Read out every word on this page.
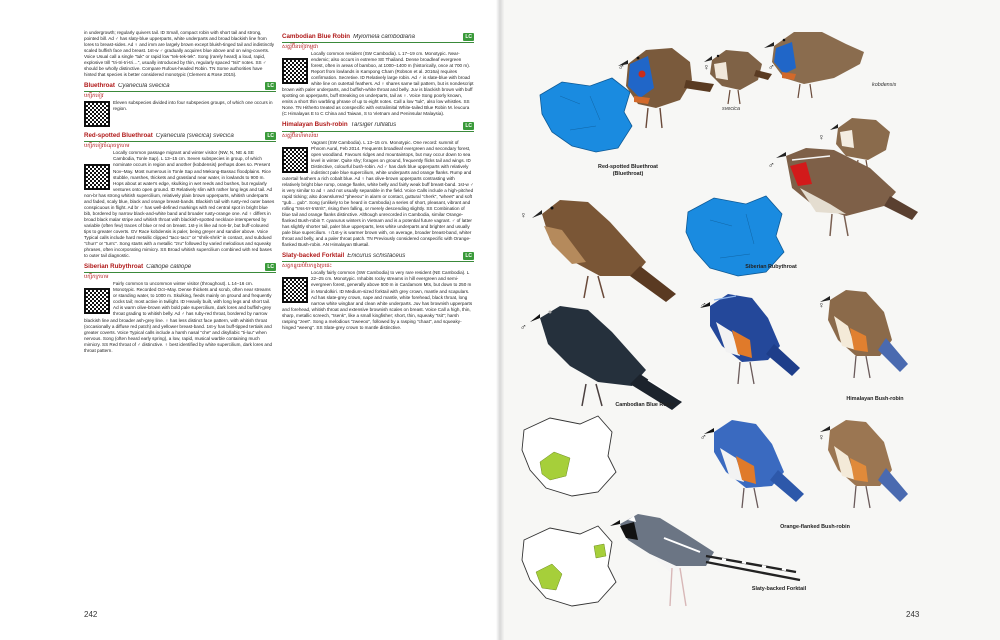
in undergrowth; regularly quivers tail. ID Small, compact robin with short tail and strong, pointed bill. Ad ♂ has slaty-blue upperparts, white underparts and broad blackish line from lores to breast-sides. Ad ♀ and imm are largely brown except bluish-tinged tail and indistinctly scaled buffish face and breast. 1st-w ♂ gradually acquires blue above and on wing-coverts. Voice Usual call a single "tuk" or rapid low "tek-tek-tek". Song (rarely heard) a loud, rapid, explosive trill "tri-tri-tri-tri…", usually introduced by thin, regularly spaced "tsit" notes. SS ♂ should be wholly distinctive. Compare Rufous-headed Robin. TN Some authorities have hinted that species is better considered monotypic (Clement & Rose 2015).

Bluethroat Cyanecula svecica	LC
បក្សីកខៀវ

Eleven subspecies divided into four subspecies groups, of which one occurs in region.

Red-spotted Bluethroat Cyanecula (svecica) svecica	LC
បក្សីកខៀវចំណុចក្រហម

Locally common passage migrant and winter visitor (NW, N, NE & SE Cambodia, Tonle Sap). L 13–15 cm. Seven subspecies in group, of which nominate occurs in region and another (kobdensis) perhaps does so. Present Nov–May. Most numerous in Tonle Sap and Mekong-Bassac floodplains. Rice stubble, marshes, thickets and grassland near water, in lowlands to 900 m. Hops about at water's edge, skulking in wet reeds and bushes, but regularly ventures onto open ground. ID Relatively slim with rather long legs and tail. Ad non-br has strong whitish supercilium, relatively plain brown upperparts, whitish underparts and faded, scaly blue, black and orange breast-bands. Blackish tail with rusty-red outer bases conspicuous in flight. Ad br ♂ has well-defined markings with red central spot in bright blue bib, bordered by narrow black-and-white band and broader rusty-orange one. Ad ♀ differs in broad black malar stripe and whitish throat with blackish-spotted necklace interspersed by variable (often few) traces of blue or red on breast. 1st-y is like ad non-br, but buff-coloured tips to greater coverts. GV Race kobdensis is paler, being greyer and sandier above. Voice Typical calls include hard metallic clipped "tacc-tacc" or "shrik-shrik" in contact, and subdued "churr" or "turrc". Song starts with a metallic "zru" followed by varied melodious and squeaky phrases, often incorporating mimicry. SS Broad whitish supercilium combined with red bases to outer tail diagnostic.

Siberian Rubythroat Calliope calliope	LC
បក្សីកក្រហម

Fairly common to uncommon winter visitor (throughout). L 14–16 cm. Monotypic. Recorded Oct–May. Dense thickets and scrub, often near streams or standing water, to 1000 m. Skulking, feeds mainly on ground and frequently cocks tail; most active in twilight. ID Heavily built, with long legs and short tail. Ad is warm olive-brown with bold pale supercilium, dark lores and buffish-grey throat grading to whitish belly. Ad ♂ has ruby-red throat, bordered by narrow blackish line and broader ash-grey line. ♀ has less distinct face pattern, with whitish throat (occasionally a diffuse red patch) and yellower breast-band. 1st-y has buff-tipped tertials and greater coverts. Voice Typical calls include a harsh nasal "che" and disyllabic "ti-luu" when nervous. Song (often heard early spring), a low, rapid, musical warble containing much mimicry. SS Red throat of ♂ distinctive. ♀ best identified by white supercilium, dark lores and throat pattern.

Cambodian Blue Robin Myiomela cambodiana	LC
សត្វរ៉ូប៊ីនខៀវកម្ពុជា

Locally common resident (SW Cambodia). L 17–19 cm. Monotypic. Near-endemic; also occurs in extreme SE Thailand. Dense broadleaf evergreen forest, often in areas of bamboo, at 1000–1400 m (historically, once at 700 m). Report from lowlands in Kampong Cham (Robson et al. 2016a) requires confirmation. Secretive. ID Relatively large robin. Ad ♂ is slate-blue with broad white line on outertail feathers. Ad ♀ shares same tail pattern, but is nondescript brown with paler underparts, and buffish-white throat and belly. Juv is blackish brown with buff spotting on upperparts, buff streaking on underparts, tail as ♀. Voice Song poorly known, emits a short thin warbling phrase of up to eight notes. Call a low "tuk", also low whistles. SS None. TN Hitherto treated as conspecific with extralimital White-tailed Blue Robin M. leucura (C Himalayas E to C China and Taiwan, S to Vietnam and Peninsular Malaysia).

Himalayan Bush-robin Tarsiger rufilatus	LC
សត្វរ៉ូប៊ីនហិមាល័យ

Vagrant (SW Cambodia). L 13–15 cm. Monotypic. One record: summit of Phnom Aural, Feb 2014. Frequents broadleaf evergreen and secondary forest, open woodland. Favours ridges and mountaintops, but may occur down to sea level in winter. Quite shy; forages on ground, frequently flicks tail and wings. ID Distinctive, colourful bush-robin. Ad ♂ has dark blue upperparts with relatively indistinct pale blue supercilium, white underparts and orange flanks. Rump and outertail feathers a rich cobalt blue. Ad ♀ has olive-brown upperparts contrasting with relatively bright blue rump, orange flanks, white belly and fairly weak buff breast-band. 1st-w ♂ is very similar to ad ♀ and not usually separable in the field. Voice Calls include a high-pitched rapid ticking; also downslurred "pheeou" in alarm or contact, guttural "cherk", "wheet" and soft "gub… gub". Song (unlikely to be heard in Cambodia) a series of short, pleasant, vibrant and rolling "trss-trr-trstrrit", rising then falling, or merely descending slightly. SS Combination of blue tail and orange flanks distinctive. Although unrecorded in Cambodia, similar Orange-flanked Bush-robin T. cyanurus winters in Vietnam and is a potential future vagrant. ♂ of latter has slightly shorter tail, paler blue upperparts, less white underparts and brighter and usually pale blue supercilium. ♀/1st-y is warmer brown with, on average, broader breast-band, whiter throat and belly, and a paler throat patch. TN Previously considered conspecific with Orange-flanked Bush-robin. AN Himalayan Bluetail.

Slaty-backed Forktail Enicurus schistaceus	LC
សត្វកន្ទុយបំបែកខ្នងប្រផេះ

Locally fairly common (SW Cambodia) to very rare resident (NE Cambodia). L 22–25 cm. Monotypic. Inhabits rocky streams in hill evergreen and semi-evergreen forest, generally above 500 m in Cardamom Mts, but down to 250 m in Mondolkiri. ID Medium-sized forktail with grey crown, mantle and scapulars. Ad has slate-grey crown, nape and mantle, white forehead, black throat, long narrow white wingbar and clean white underparts. Juv has brownish upperparts and forehead, whitish throat and extensive brownish scales on breast. Voice Call a high, thin, sharp, metallic screech, "tsenk", like a small kingfisher; short, thin, squeaky "tsit"; harsh rasping "zeet". Song a melodious "zweeoo", followed by a rasping "chaat", and squeaky-hinged "weeng". SS Slate-grey crown to mantle distinctive.

242
♂	♀	♂
svecica
kobdensis
Red-spotted Bluethroat
(Bluethroat)
♀
♂
Siberian Rubythroat
♀
♂
Cambodian Blue Robin
♂	♀
Himalayan Bush-robin
♂	♀
Orange-flanked Bush-robin
Slaty-backed Forktail
243
